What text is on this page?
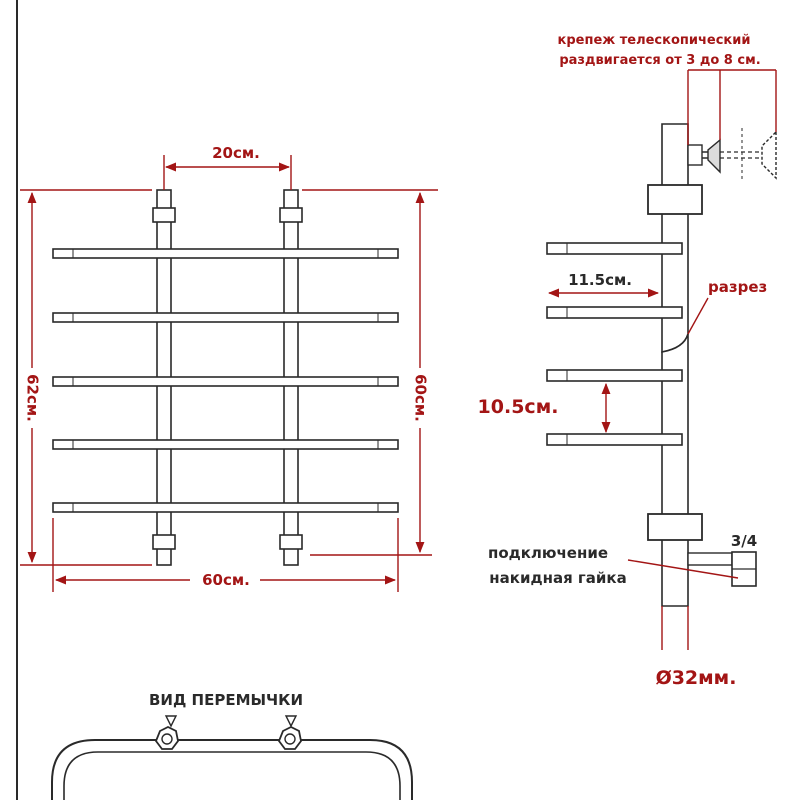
20см.
62см.	60см.
60см.
крепеж телескопический
раздвигается от 3 до 8 см.
11.5см.	разрез
10.5см.
3/4
подключение
накидная гайка
Ø32мм.
ВИД ПЕРЕМЫЧКИ
